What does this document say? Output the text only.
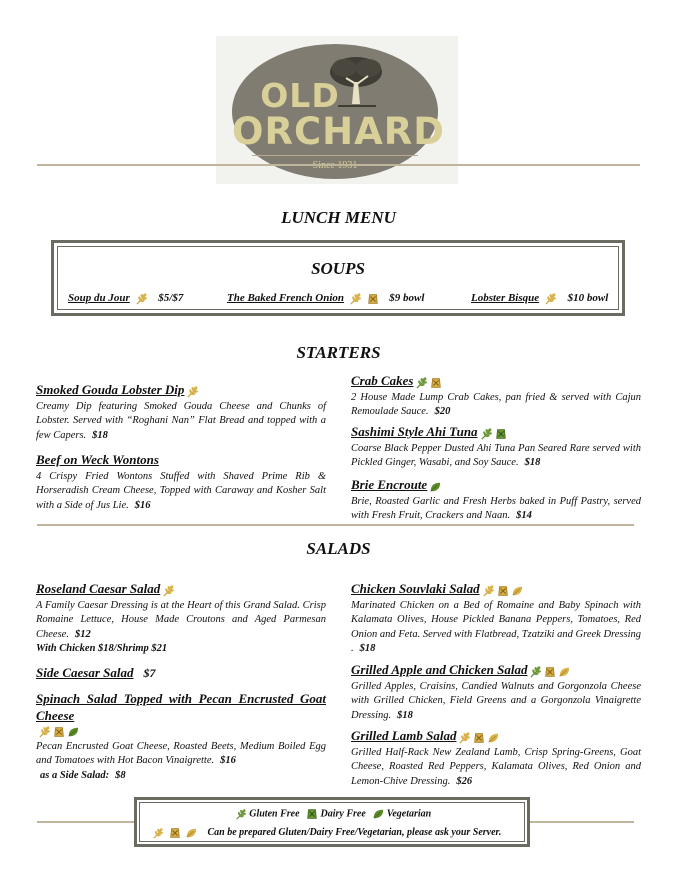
OLD
ORCHARD
LUNCH MENU
SOUPS
Soup du Jour	$5/$7	The Baked French Onion	$9 bowl	Lobster Bisque	$10 bowl
STARTERS
Smoked Gouda Lobster Dip
Creamy Dip featuring Smoked Gouda Cheese and Chunks of Lobster. Served with “Roghani Nan” Flat Bread and topped with a few Capers. $18
Beef on Weck Wontons
4 Crispy Fried Wontons Stuffed with Shaved Prime Rib & Horseradish Cream Cheese, Topped with Caraway and Kosher Salt with a Side of Jus Lie. $16
Crab Cakes
2 House Made Lump Crab Cakes, pan fried & served with Cajun Remoulade Sauce. $20
Sashimi Style Ahi Tuna
Coarse Black Pepper Dusted Ahi Tuna Pan Seared Rare served with Pickled Ginger, Wasabi, and Soy Sauce. $18
Brie Encroute
Brie, Roasted Garlic and Fresh Herbs baked in Puff Pastry, served with Fresh Fruit, Crackers and Naan. $14
SALADS
Roseland Caesar Salad
A Family Caesar Dressing is at the Heart of this Grand Salad. Crisp Romaine Lettuce, House Made Croutons and Aged Parmesan Cheese. $12
With Chicken $18/Shrimp $21
Side Caesar Salad $7
Spinach Salad Topped with Pecan Encrusted Goat Cheese
Pecan Encrusted Goat Cheese, Roasted Beets, Medium Boiled Egg and Tomatoes with Hot Bacon Vinaigrette. $16
as a Side Salad: $8
Chicken Souvlaki Salad
Marinated Chicken on a Bed of Romaine and Baby Spinach with Kalamata Olives, House Pickled Banana Peppers, Tomatoes, Red Onion and Feta. Served with Flatbread, Tzatziki and Greek Dressing . $18
Grilled Apple and Chicken Salad
Grilled Apples, Craisins, Candied Walnuts and Gorgonzola Cheese with Grilled Chicken, Field Greens and a Gorgonzola Vinaigrette Dressing. $18
Grilled Lamb Salad
Grilled Half-Rack New Zealand Lamb, Crisp Spring-Greens, Goat Cheese, Roasted Red Peppers, Kalamata Olives, Red Onion and Lemon-Chive Dressing. $26
Gluten Free Dairy Free Vegetarian
Can be prepared Gluten/Dairy Free/Vegetarian, please ask your Server.
